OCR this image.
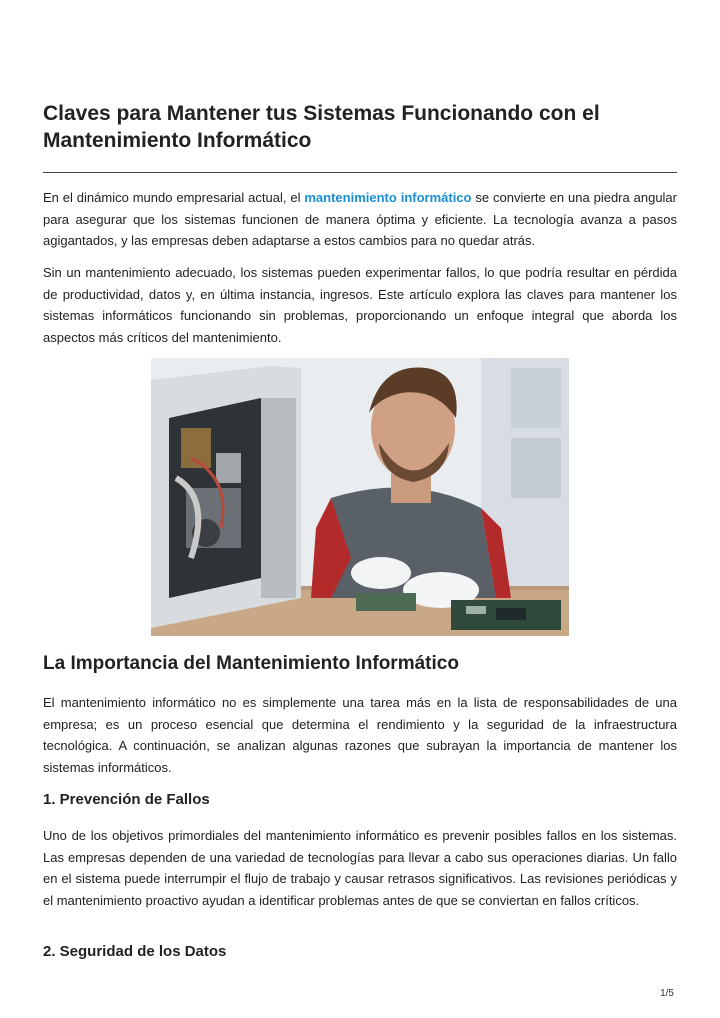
Claves para Mantener tus Sistemas Funcionando con el Mantenimiento Informático

En el dinámico mundo empresarial actual, el mantenimiento informático se convierte en una piedra angular para asegurar que los sistemas funcionen de manera óptima y eficiente. La tecnología avanza a pasos agigantados, y las empresas deben adaptarse a estos cambios para no quedar atrás.

Sin un mantenimiento adecuado, los sistemas pueden experimentar fallos, lo que podría resultar en pérdida de productividad, datos y, en última instancia, ingresos. Este artículo explora las claves para mantener los sistemas informáticos funcionando sin problemas, proporcionando un enfoque integral que aborda los aspectos más críticos del mantenimiento.

La Importancia del Mantenimiento Informático

El mantenimiento informático no es simplemente una tarea más en la lista de responsabilidades de una empresa; es un proceso esencial que determina el rendimiento y la seguridad de la infraestructura tecnológica. A continuación, se analizan algunas razones que subrayan la importancia de mantener los sistemas informáticos.

1. Prevención de Fallos

Uno de los objetivos primordiales del mantenimiento informático es prevenir posibles fallos en los sistemas. Las empresas dependen de una variedad de tecnologías para llevar a cabo sus operaciones diarias. Un fallo en el sistema puede interrumpir el flujo de trabajo y causar retrasos significativos. Las revisiones periódicas y el mantenimiento proactivo ayudan a identificar problemas antes de que se conviertan en fallos críticos.

2. Seguridad de los Datos
1/5
